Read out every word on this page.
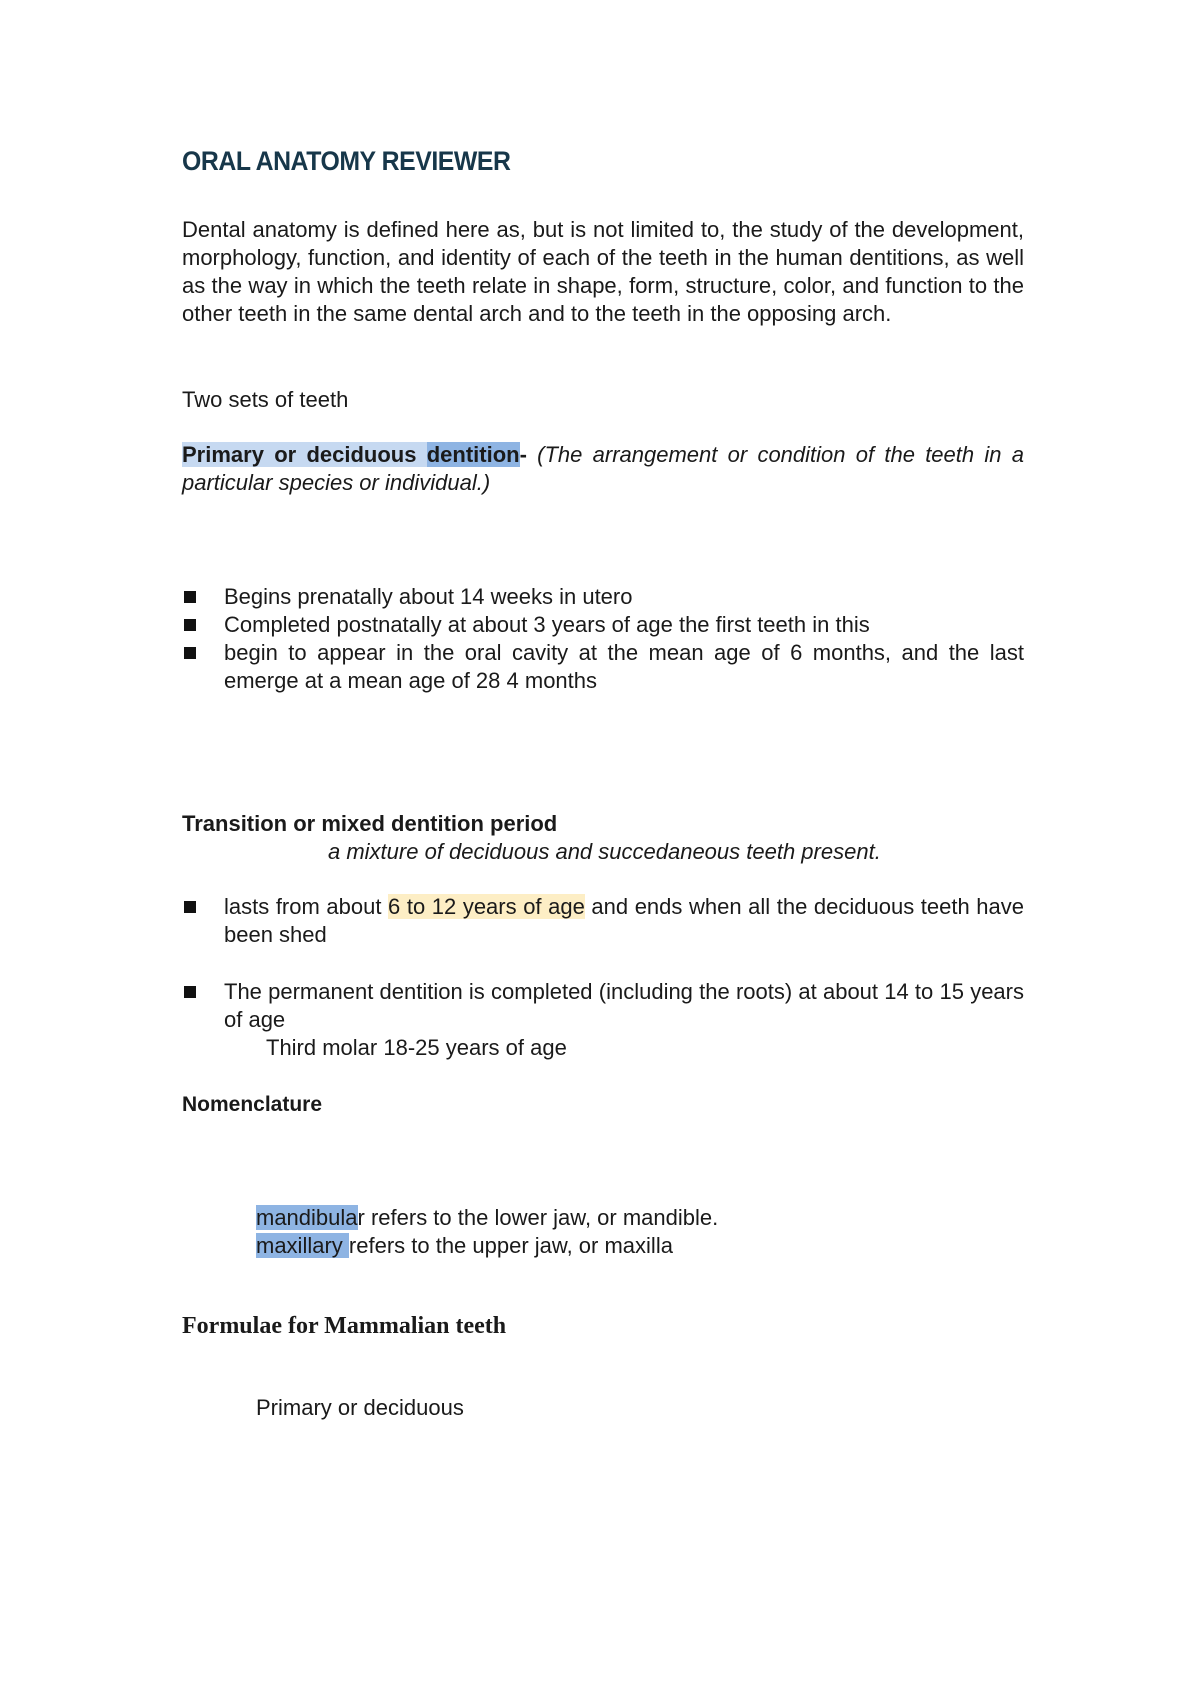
ORAL ANATOMY REVIEWER

Dental anatomy is defined here as, but is not limited to, the study of the development, morphology, function, and identity of each of the teeth in the human dentitions, as well as the way in which the teeth relate in shape, form, structure, color, and function to the other teeth in the same dental arch and to the teeth in the opposing arch.

Two sets of teeth

Primary or deciduous dentition- (The arrangement or condition of the teeth in a particular species or individual.)

Begins prenatally about 14 weeks in utero
Completed postnatally at about 3 years of age the first teeth in this
begin to appear in the oral cavity at the mean age of 6 months, and the last emerge at a mean age of 28 4 months
Transition or mixed dentition period

a mixture of deciduous and succedaneous teeth present.

lasts from about 6 to 12 years of age and ends when all the deciduous teeth have been shed
The permanent dentition is completed (including the roots) at about 14 to 15 years of age

Third molar 18-25 years of age

Nomenclature

mandibular refers to the lower jaw, or mandible.

maxillary refers to the upper jaw, or maxilla

Formulae for Mammalian teeth

Primary or deciduous
